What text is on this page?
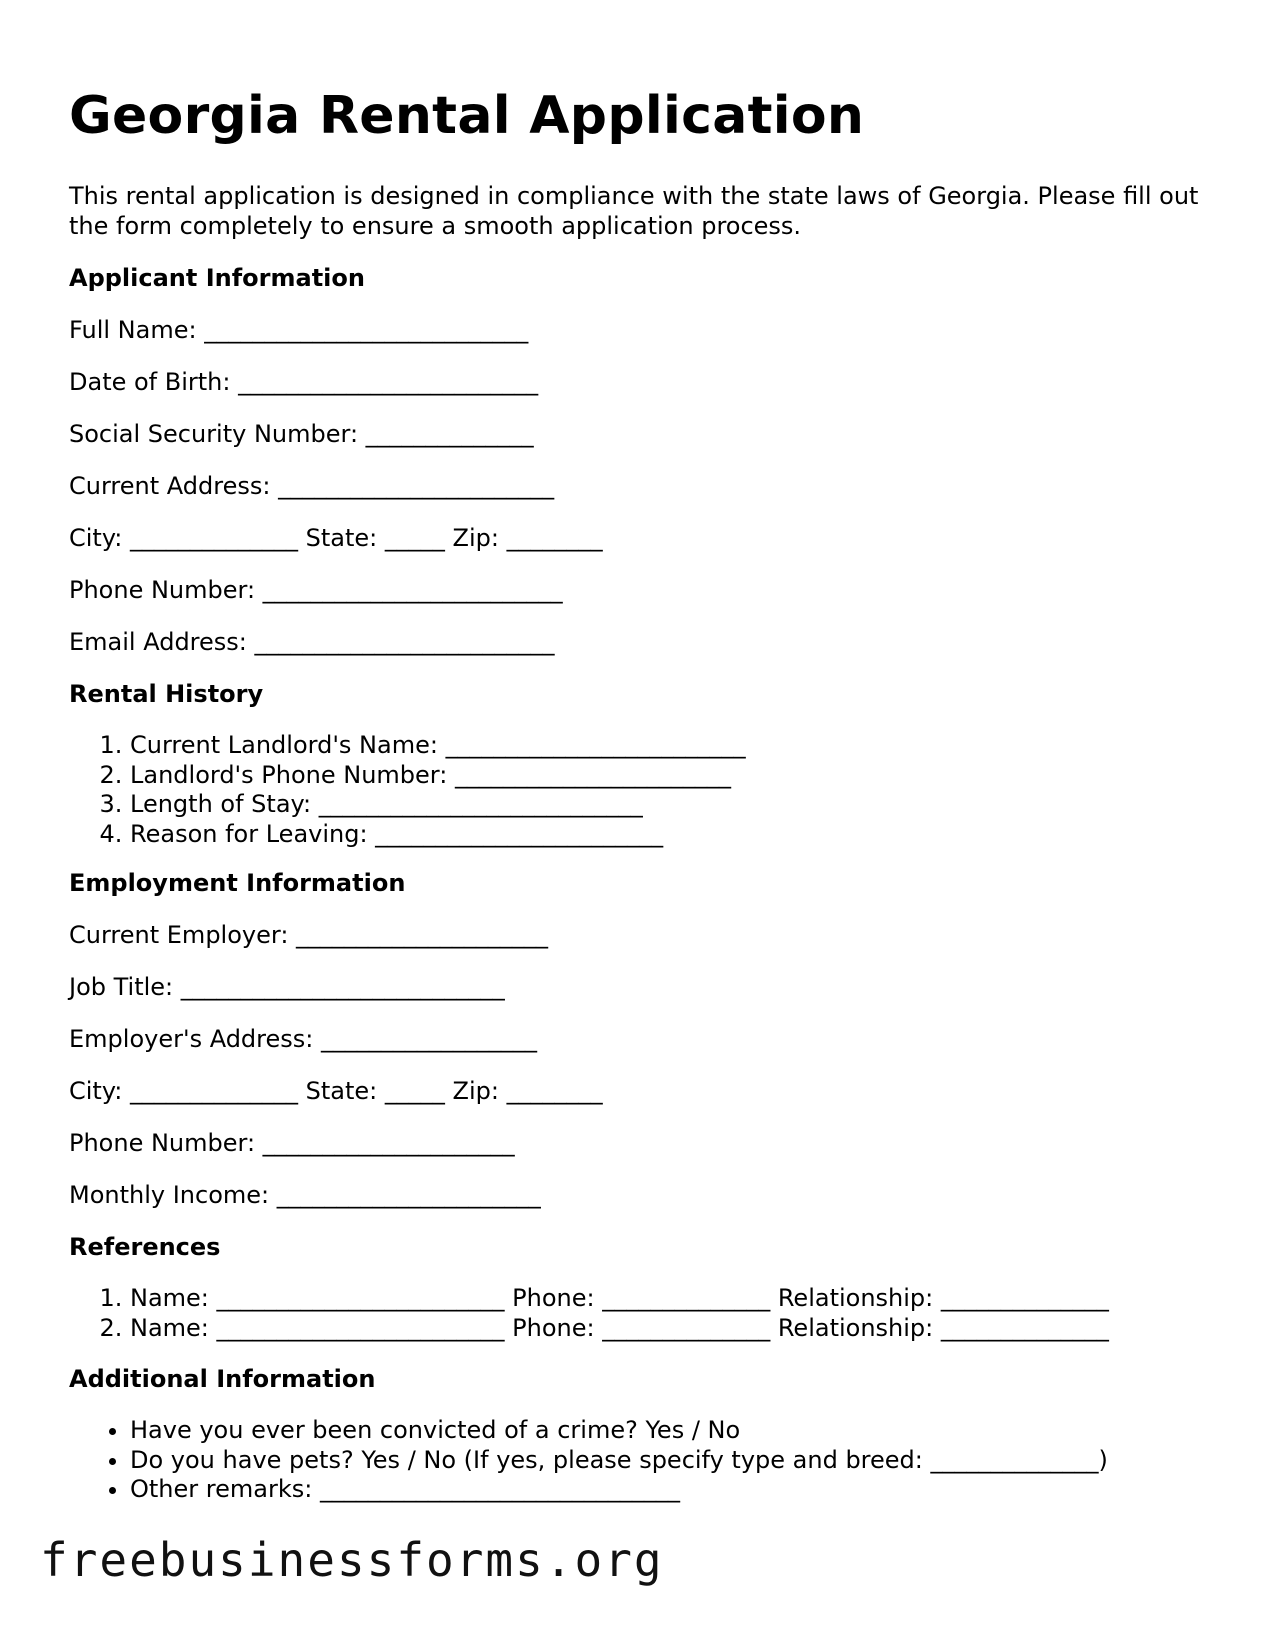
Georgia Rental Application

This rental application is designed in compliance with the state laws of Georgia. Please fill out the form completely to ensure a smooth application process.

Applicant Information
Full Name: ___________________________
Date of Birth: _________________________
Social Security Number: ______________
Current Address: _______________________
City: ______________ State: _____ Zip: ________
Phone Number: _________________________
Email Address: _________________________
Rental History
1. Current Landlord's Name: _________________________
2. Landlord's Phone Number: _______________________
3. Length of Stay: ___________________________
4. Reason for Leaving: ________________________
Employment Information
Current Employer: _____________________
Job Title: ___________________________
Employer's Address: __________________
City: ______________ State: _____ Zip: ________
Phone Number: _____________________
Monthly Income: ______________________
References
1. Name: ________________________ Phone: ______________ Relationship: ______________
2. Name: ________________________ Phone: ______________ Relationship: ______________
Additional Information
• Have you ever been convicted of a crime? Yes / No
• Do you have pets? Yes / No (If yes, please specify type and breed: ______________)
• Other remarks: ______________________________
freebusinessforms.org
